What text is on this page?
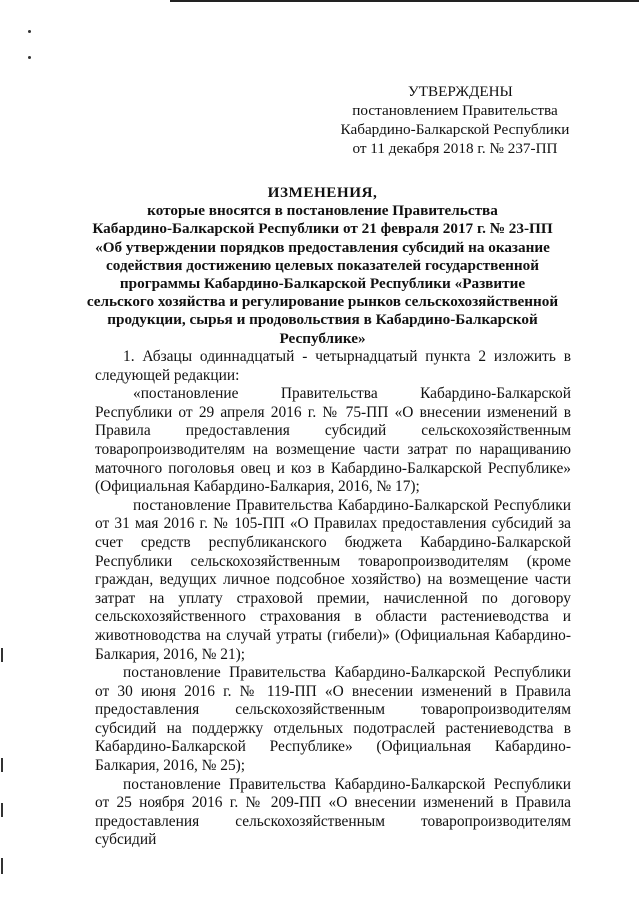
УТВЕРЖДЕНЫ
постановлением Правительства
Кабардино-Балкарской Республики
от 11 декабря 2018 г. № 237-ПП
ИЗМЕНЕНИЯ,
которые вносятся в постановление Правительства
Кабардино-Балкарской Республики от 21 февраля 2017 г. № 23-ПП
«Об утверждении порядков предоставления субсидий на оказание
содействия достижению целевых показателей государственной
программы Кабардино-Балкарской Республики «Развитие
сельского хозяйства и регулирование рынков сельскохозяйственной
продукции, сырья и продовольствия в Кабардино-Балкарской
Республике»

1. Абзацы одиннадцатый - четырнадцатый пункта 2 изложить в следующей редакции:

«постановление Правительства Кабардино-Балкарской Республики от 29 апреля 2016 г. № 75-ПП «О внесении изменений в Правила предоставления субсидий сельскохозяйственным товаропроизводителям на возмещение части затрат по наращиванию маточного поголовья овец и коз в Кабардино-Балкарской Республике» (Официальная Кабардино-Балкария, 2016, № 17);

постановление Правительства Кабардино-Балкарской Республики от 31 мая 2016 г. № 105-ПП «О Правилах предоставления субсидий за счет средств республиканского бюджета Кабардино-Балкарской Республики сельскохозяйственным товаропроизводителям (кроме граждан, ведущих личное подсобное хозяйство) на возмещение части затрат на уплату страховой премии, начисленной по договору сельскохозяйственного страхования в области растениеводства и животноводства на случай утраты (гибели)» (Официальная Кабардино-Балкария, 2016, № 21);

постановление Правительства Кабардино-Балкарской Республики от 30 июня 2016 г. № 119-ПП «О внесении изменений в Правила предоставления сельскохозяйственным товаропроизводителям субсидий на поддержку отдельных подотраслей растениеводства в Кабардино-Балкарской Республике» (Официальная Кабардино-Балкария, 2016, № 25);

постановление Правительства Кабардино-Балкарской Республики от 25 ноября 2016 г. № 209-ПП «О внесении изменений в Правила предоставления сельскохозяйственным товаропроизводителям субсидий
